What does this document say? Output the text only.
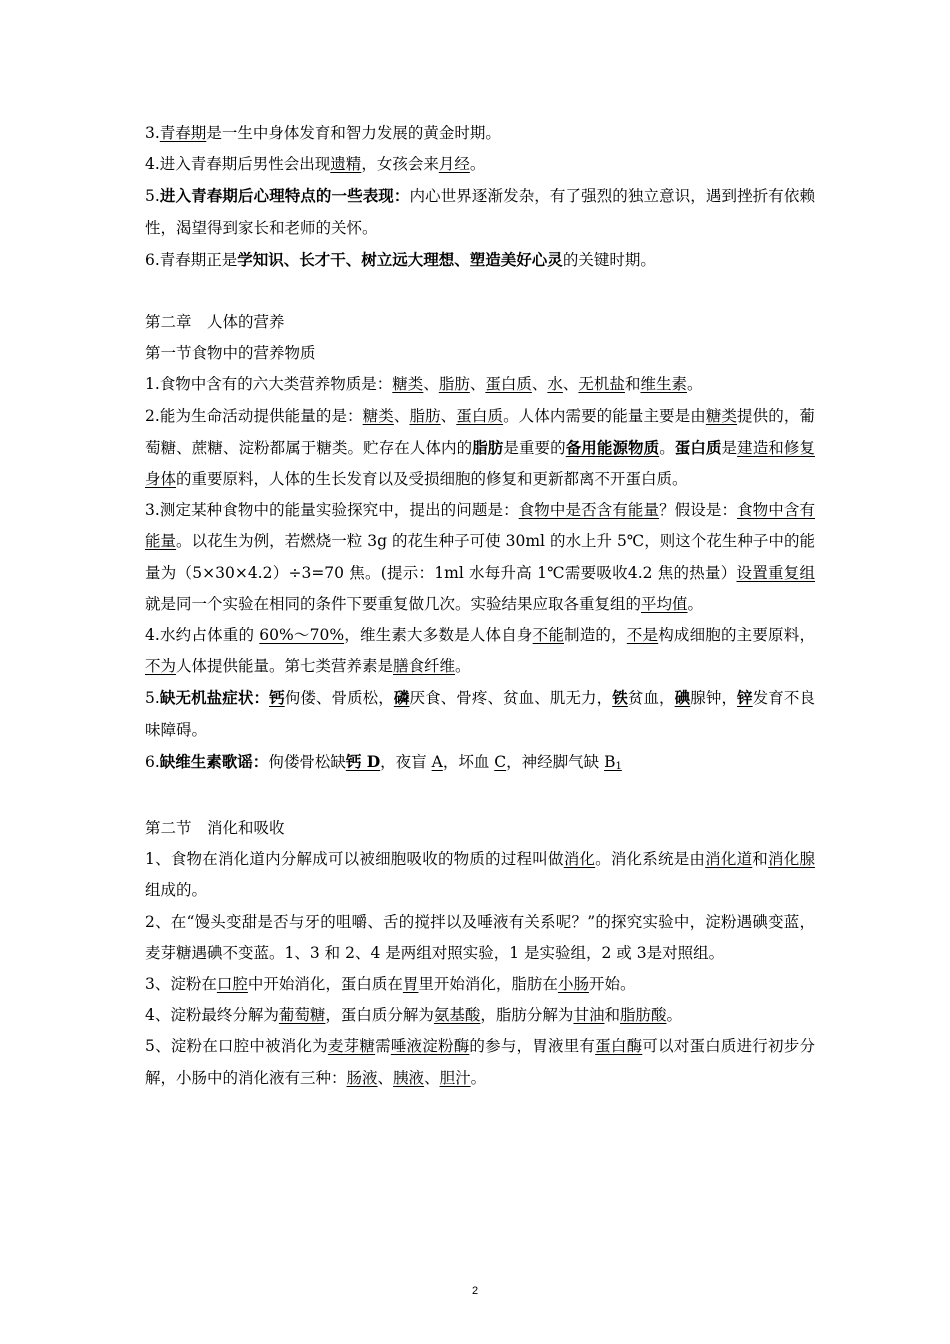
3.青春期是一生中身体发育和智力发展的黄金时期。

4.进入青春期后男性会出现遗精，女孩会来月经。

5.进入青春期后心理特点的一些表现：内心世界逐渐发杂，有了强烈的独立意识，遇到挫折有依赖性，渴望得到家长和老师的关怀。

6.青春期正是学知识、长才干、树立远大理想、塑造美好心灵的关键时期。

第二章　人体的营养

第一节食物中的营养物质

1.食物中含有的六大类营养物质是：糖类、脂肪、蛋白质、水、无机盐和维生素。

2.能为生命活动提供能量的是：糖类、脂肪、蛋白质。人体内需要的能量主要是由糖类提供的，葡萄糖、蔗糖、淀粉都属于糖类。贮存在人体内的脂肪是重要的备用能源物质。蛋白质是建造和修复身体的重要原料，人体的生长发育以及受损细胞的修复和更新都离不开蛋白质。

3.测定某种食物中的能量实验探究中，提出的问题是：食物中是否含有能量？假设是：食物中含有能量。以花生为例，若燃烧一粒 3g 的花生种子可使 30ml 的水上升 5℃，则这个花生种子中的能量为（5×30×4.2）÷3=70 焦。(提示：1ml 水每升高 1℃需要吸收4.2 焦的热量）设置重复组就是同一个实验在相同的条件下要重复做几次。实验结果应取各重复组的平均值。

4.水约占体重的 60%～70%，维生素大多数是人体自身不能制造的，不是构成细胞的主要原料，不为人体提供能量。第七类营养素是膳食纤维。

5.缺无机盐症状：钙佝偻、骨质松，磷厌食、骨疼、贫血、肌无力，铁贫血，碘腺钟，锌发育不良味障碍。

6.缺维生素歌谣：佝偻骨松缺钙 D，夜盲 A，坏血 C，神经脚气缺 $B_1$

第二节　消化和吸收

1、食物在消化道内分解成可以被细胞吸收的物质的过程叫做消化。消化系统是由消化道和消化腺组成的。

2、在“馒头变甜是否与牙的咀嚼、舌的搅拌以及唾液有关系呢？”的探究实验中，淀粉遇碘变蓝，麦芽糖遇碘不变蓝。1、3 和 2、4 是两组对照实验，1 是实验组，2 或 3是对照组。

3、淀粉在口腔中开始消化，蛋白质在胃里开始消化，脂肪在小肠开始。

4、淀粉最终分解为葡萄糖，蛋白质分解为氨基酸，脂肪分解为甘油和脂肪酸。

5、淀粉在口腔中被消化为麦芽糖需唾液淀粉酶的参与，胃液里有蛋白酶可以对蛋白质进行初步分解，小肠中的消化液有三种：肠液、胰液、胆汁。

2
